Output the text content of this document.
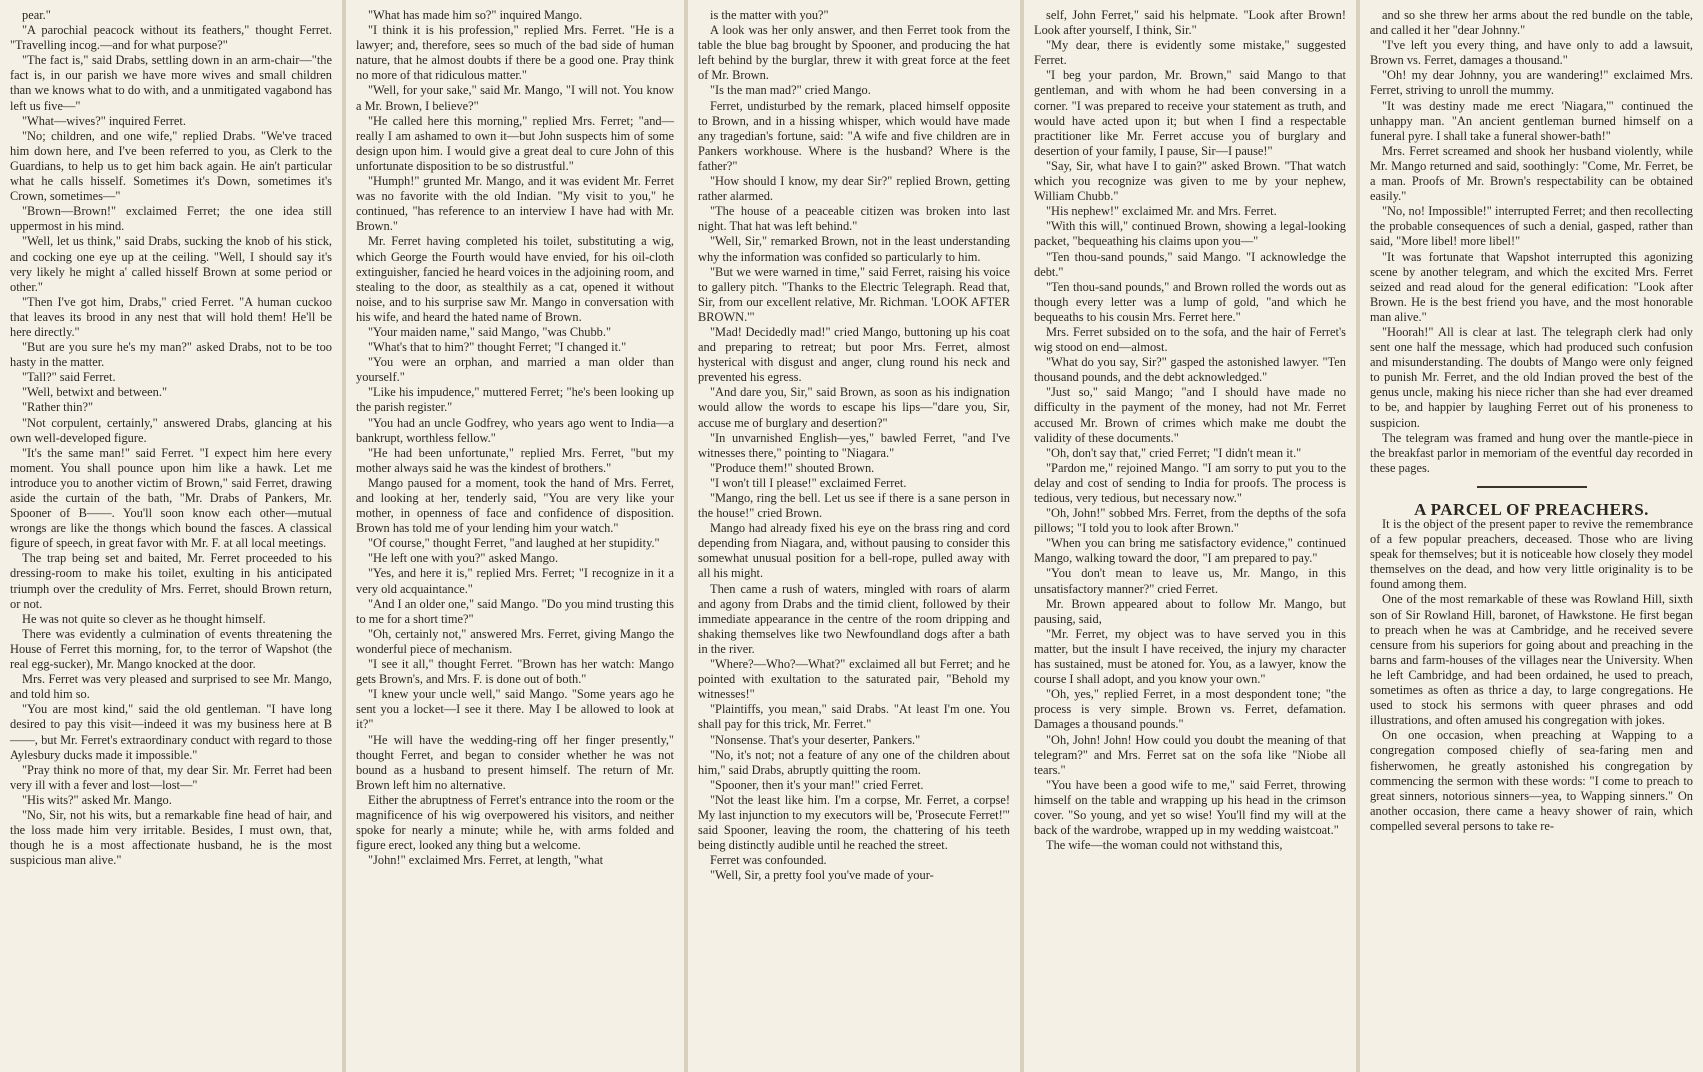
pear."

"A parochial peacock without its feathers," thought Ferret. "Travelling incog.—and for what purpose?"

"The fact is," said Drabs, settling down in an arm-chair—"the fact is, in our parish we have more wives and small children than we knows what to do with, and a unmitigated vagabond has left us five—"

"What—wives?" inquired Ferret.

"No; children, and one wife," replied Drabs. "We've traced him down here, and I've been referred to you, as Clerk to the Guardians, to help us to get him back again. He ain't particular what he calls hisself. Sometimes it's Down, sometimes it's Crown, sometimes—"

"Brown—Brown!" exclaimed Ferret; the one idea still uppermost in his mind.

"Well, let us think," said Drabs, sucking the knob of his stick, and cocking one eye up at the ceiling. "Well, I should say it's very likely he might a' called hisself Brown at some period or other."

"Then I've got him, Drabs," cried Ferret. "A human cuckoo that leaves its brood in any nest that will hold them! He'll be here directly."

"But are you sure he's my man?" asked Drabs, not to be too hasty in the matter.

"Tall?" said Ferret.

"Well, betwixt and between."

"Rather thin?"

"Not corpulent, certainly," answered Drabs, glancing at his own well-developed figure.

"It's the same man!" said Ferret. "I expect him here every moment. You shall pounce upon him like a hawk. Let me introduce you to another victim of Brown," said Ferret, drawing aside the curtain of the bath, "Mr. Drabs of Pankers, Mr. Spooner of B——. You'll soon know each other—mutual wrongs are like the thongs which bound the fasces. A classical figure of speech, in great favor with Mr. F. at all local meetings.

The trap being set and baited, Mr. Ferret proceeded to his dressing-room to make his toilet, exulting in his anticipated triumph over the credulity of Mrs. Ferret, should Brown return, or not.

He was not quite so clever as he thought himself.

There was evidently a culmination of events threatening the House of Ferret this morning, for, to the terror of Wapshot (the real egg-sucker), Mr. Mango knocked at the door.

Mrs. Ferret was very pleased and surprised to see Mr. Mango, and told him so.

"You are most kind," said the old gentleman. "I have long desired to pay this visit—indeed it was my business here at B——, but Mr. Ferret's extraordinary conduct with regard to those Aylesbury ducks made it impossible."

"Pray think no more of that, my dear Sir. Mr. Ferret had been very ill with a fever and lost—lost—"

"His wits?" asked Mr. Mango.

"No, Sir, not his wits, but a remarkable fine head of hair, and the loss made him very irritable. Besides, I must own, that, though he is a most affectionate husband, he is the most suspicious man alive."

"What has made him so?" inquired Mango.

"I think it is his profession," replied Mrs. Ferret. "He is a lawyer; and, therefore, sees so much of the bad side of human nature, that he almost doubts if there be a good one. Pray think no more of that ridiculous matter."

"Well, for your sake," said Mr. Mango, "I will not. You know a Mr. Brown, I believe?"

"He called here this morning," replied Mrs. Ferret; "and—really I am ashamed to own it—but John suspects him of some design upon him. I would give a great deal to cure John of this unfortunate disposition to be so distrustful."

"Humph!" grunted Mr. Mango, and it was evident Mr. Ferret was no favorite with the old Indian. "My visit to you," he continued, "has reference to an interview I have had with Mr. Brown."

Mr. Ferret having completed his toilet, substituting a wig, which George the Fourth would have envied, for his oil-cloth extinguisher, fancied he heard voices in the adjoining room, and stealing to the door, as stealthily as a cat, opened it without noise, and to his surprise saw Mr. Mango in conversation with his wife, and heard the hated name of Brown.

"Your maiden name," said Mango, "was Chubb."

"What's that to him?" thought Ferret; "I changed it."

"You were an orphan, and married a man older than yourself."

"Like his impudence," muttered Ferret; "he's been looking up the parish register."

"You had an uncle Godfrey, who years ago went to India—a bankrupt, worthless fellow."

"He had been unfortunate," replied Mrs. Ferret, "but my mother always said he was the kindest of brothers."

Mango paused for a moment, took the hand of Mrs. Ferret, and looking at her, tenderly said, "You are very like your mother, in openness of face and confidence of disposition. Brown has told me of your lending him your watch."

"Of course," thought Ferret, "and laughed at her stupidity."

"He left one with you?" asked Mango.

"Yes, and here it is," replied Mrs. Ferret; "I recognize in it a very old acquaintance."

"And I an older one," said Mango. "Do you mind trusting this to me for a short time?"

"Oh, certainly not," answered Mrs. Ferret, giving Mango the wonderful piece of mechanism.

"I see it all," thought Ferret. "Brown has her watch: Mango gets Brown's, and Mrs. F. is done out of both."

"I knew your uncle well," said Mango. "Some years ago he sent you a locket—I see it there. May I be allowed to look at it?"

"He will have the wedding-ring off her finger presently," thought Ferret, and began to consider whether he was not bound as a husband to present himself. The return of Mr. Brown left him no alternative.

Either the abruptness of Ferret's entrance into the room or the magnificence of his wig overpowered his visitors, and neither spoke for nearly a minute; while he, with arms folded and figure erect, looked any thing but a welcome.

"John!" exclaimed Mrs. Ferret, at length, "what

is the matter with you?"

A look was her only answer, and then Ferret took from the table the blue bag brought by Spooner, and producing the hat left behind by the burglar, threw it with great force at the feet of Mr. Brown.

"Is the man mad?" cried Mango.

Ferret, undisturbed by the remark, placed himself opposite to Brown, and in a hissing whisper, which would have made any tragedian's fortune, said: "A wife and five children are in Pankers workhouse. Where is the husband? Where is the father?"

"How should I know, my dear Sir?" replied Brown, getting rather alarmed.

"The house of a peaceable citizen was broken into last night. That hat was left behind."

"Well, Sir," remarked Brown, not in the least understanding why the information was confided so particularly to him.

"But we were warned in time," said Ferret, raising his voice to gallery pitch. "Thanks to the Electric Telegraph. Read that, Sir, from our excellent relative, Mr. Richman. 'LOOK AFTER BROWN.'"

"Mad! Decidedly mad!" cried Mango, buttoning up his coat and preparing to retreat; but poor Mrs. Ferret, almost hysterical with disgust and anger, clung round his neck and prevented his egress.

"And dare you, Sir," said Brown, as soon as his indignation would allow the words to escape his lips—"dare you, Sir, accuse me of burglary and desertion?"

"In unvarnished English—yes," bawled Ferret, "and I've witnesses there," pointing to "Niagara."

"Produce them!" shouted Brown.

"I won't till I please!" exclaimed Ferret.

"Mango, ring the bell. Let us see if there is a sane person in the house!" cried Brown.

Mango had already fixed his eye on the brass ring and cord depending from Niagara, and, without pausing to consider this somewhat unusual position for a bell-rope, pulled away with all his might.

Then came a rush of waters, mingled with roars of alarm and agony from Drabs and the timid client, followed by their immediate appearance in the centre of the room dripping and shaking themselves like two Newfoundland dogs after a bath in the river.

"Where?—Who?—What?" exclaimed all but Ferret; and he pointed with exultation to the saturated pair, "Behold my witnesses!"

"Plaintiffs, you mean," said Drabs. "At least I'm one. You shall pay for this trick, Mr. Ferret."

"Nonsense. That's your deserter, Pankers."

"No, it's not; not a feature of any one of the children about him," said Drabs, abruptly quitting the room.

"Spooner, then it's your man!" cried Ferret.

"Not the least like him. I'm a corpse, Mr. Ferret, a corpse! My last injunction to my executors will be, 'Prosecute Ferret!'" said Spooner, leaving the room, the chattering of his teeth being distinctly audible until he reached the street.

Ferret was confounded.

"Well, Sir, a pretty fool you've made of your-

self, John Ferret," said his helpmate. "Look after Brown! Look after yourself, I think, Sir."

"My dear, there is evidently some mistake," suggested Ferret.

"I beg your pardon, Mr. Brown," said Mango to that gentleman, and with whom he had been conversing in a corner. "I was prepared to receive your statement as truth, and would have acted upon it; but when I find a respectable practitioner like Mr. Ferret accuse you of burglary and desertion of your family, I pause, Sir—I pause!"

"Say, Sir, what have I to gain?" asked Brown. "That watch which you recognize was given to me by your nephew, William Chubb."

"His nephew!" exclaimed Mr. and Mrs. Ferret.

"With this will," continued Brown, showing a legal-looking packet, "bequeathing his claims upon you—"

"Ten thou-sand pounds," said Mango. "I acknowledge the debt."

"Ten thou-sand pounds," and Brown rolled the words out as though every letter was a lump of gold, "and which he bequeaths to his cousin Mrs. Ferret here."

Mrs. Ferret subsided on to the sofa, and the hair of Ferret's wig stood on end—almost.

"What do you say, Sir?" gasped the astonished lawyer. "Ten thousand pounds, and the debt acknowledged."

"Just so," said Mango; "and I should have made no difficulty in the payment of the money, had not Mr. Ferret accused Mr. Brown of crimes which make me doubt the validity of these documents."

"Oh, don't say that," cried Ferret; "I didn't mean it."

"Pardon me," rejoined Mango. "I am sorry to put you to the delay and cost of sending to India for proofs. The process is tedious, very tedious, but necessary now."

"Oh, John!" sobbed Mrs. Ferret, from the depths of the sofa pillows; "I told you to look after Brown."

"When you can bring me satisfactory evidence," continued Mango, walking toward the door, "I am prepared to pay."

"You don't mean to leave us, Mr. Mango, in this unsatisfactory manner?" cried Ferret.

Mr. Brown appeared about to follow Mr. Mango, but pausing, said,

"Mr. Ferret, my object was to have served you in this matter, but the insult I have received, the injury my character has sustained, must be atoned for. You, as a lawyer, know the course I shall adopt, and you know your own."

"Oh, yes," replied Ferret, in a most despondent tone; "the process is very simple. Brown vs. Ferret, defamation. Damages a thousand pounds."

"Oh, John! John! How could you doubt the meaning of that telegram?" and Mrs. Ferret sat on the sofa like "Niobe all tears."

"You have been a good wife to me," said Ferret, throwing himself on the table and wrapping up his head in the crimson cover. "So young, and yet so wise! You'll find my will at the back of the wardrobe, wrapped up in my wedding waistcoat."

The wife—the woman could not withstand this,

and so she threw her arms about the red bundle on the table, and called it her "dear Johnny."

"I've left you every thing, and have only to add a lawsuit, Brown vs. Ferret, damages a thousand."

"Oh! my dear Johnny, you are wandering!" exclaimed Mrs. Ferret, striving to unroll the mummy.

"It was destiny made me erect 'Niagara,'" continued the unhappy man. "An ancient gentleman burned himself on a funeral pyre. I shall take a funeral shower-bath!"

Mrs. Ferret screamed and shook her husband violently, while Mr. Mango returned and said, soothingly: "Come, Mr. Ferret, be a man. Proofs of Mr. Brown's respectability can be obtained easily."

"No, no! Impossible!" interrupted Ferret; and then recollecting the probable consequences of such a denial, gasped, rather than said, "More libel! more libel!"

"It was fortunate that Wapshot interrupted this agonizing scene by another telegram, and which the excited Mrs. Ferret seized and read aloud for the general edification: "Look after Brown. He is the best friend you have, and the most honorable man alive."

"Hoorah!" All is clear at last. The telegraph clerk had only sent one half the message, which had produced such confusion and misunderstanding. The doubts of Mango were only feigned to punish Mr. Ferret, and the old Indian proved the best of the genus uncle, making his niece richer than she had ever dreamed to be, and happier by laughing Ferret out of his proneness to suspicion.

The telegram was framed and hung over the mantle-piece in the breakfast parlor in memoriam of the eventful day recorded in these pages.

A PARCEL OF PREACHERS.

It is the object of the present paper to revive the remembrance of a few popular preachers, deceased. Those who are living speak for themselves; but it is noticeable how closely they model themselves on the dead, and how very little originality is to be found among them.

One of the most remarkable of these was Rowland Hill, sixth son of Sir Rowland Hill, baronet, of Hawkstone. He first began to preach when he was at Cambridge, and he received severe censure from his superiors for going about and preaching in the barns and farm-houses of the villages near the University. When he left Cambridge, and had been ordained, he used to preach, sometimes as often as thrice a day, to large congregations. He used to stock his sermons with queer phrases and odd illustrations, and often amused his congregation with jokes.

On one occasion, when preaching at Wapping to a congregation composed chiefly of sea-faring men and fisherwomen, he greatly astonished his congregation by commencing the sermon with these words: "I come to preach to great sinners, notorious sinners—yea, to Wapping sinners." On another occasion, there came a heavy shower of rain, which compelled several persons to take re-
